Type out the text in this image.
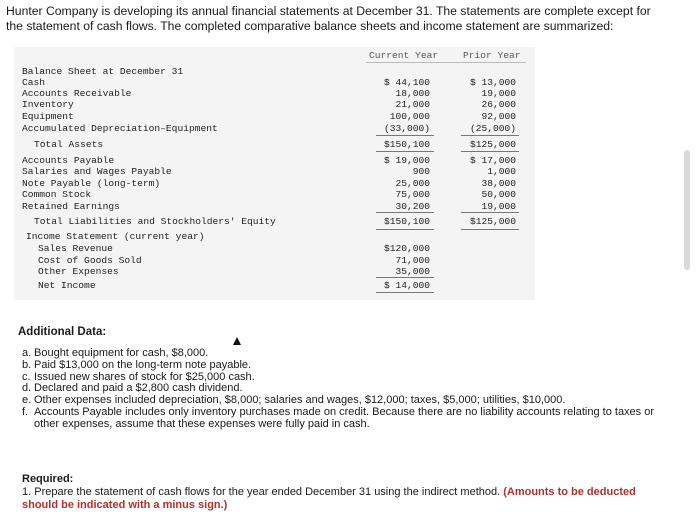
Hunter Company is developing its annual financial statements at December 31. The statements are complete except for the statement of cash flows. The completed comparative balance sheets and income statement are summarized:
Current Year	Prior Year
Balance Sheet at December 31
Cash
Accounts Receivable
Inventory
Equipment
Accumulated Depreciation–Equipment
Total Assets
Accounts Payable
Salaries and Wages Payable
Note Payable (long-term)
Common Stock
Retained Earnings
Total Liabilities and Stockholders' Equity
Income Statement (current year)
Sales Revenue
Cost of Goods Sold
Other Expenses
Net Income
$ 44,100
18,000
21,000
100,000
(33,000)
$150,100
$ 19,000
900
25,000
75,000
30,200
$150,100
$120,000
71,000
35,000
$ 14,000
$ 13,000
19,000
26,000
92,000
(25,000)
$125,000
$ 17,000
1,000
38,000
50,000
19,000
$125,000
Additional Data:
a. Bought equipment for cash, $8,000.
b. Paid $13,000 on the long-term note payable.
c. Issued new shares of stock for $25,000 cash.
d. Declared and paid a $2,800 cash dividend.
e. Other expenses included depreciation, $8,000; salaries and wages, $12,000; taxes, $5,000; utilities, $10,000.
f. Accounts Payable includes only inventory purchases made on credit. Because there are no liability accounts relating to taxes or other expenses, assume that these expenses were fully paid in cash.
Required:
1. Prepare the statement of cash flows for the year ended December 31 using the indirect method. (Amounts to be deducted should be indicated with a minus sign.)
